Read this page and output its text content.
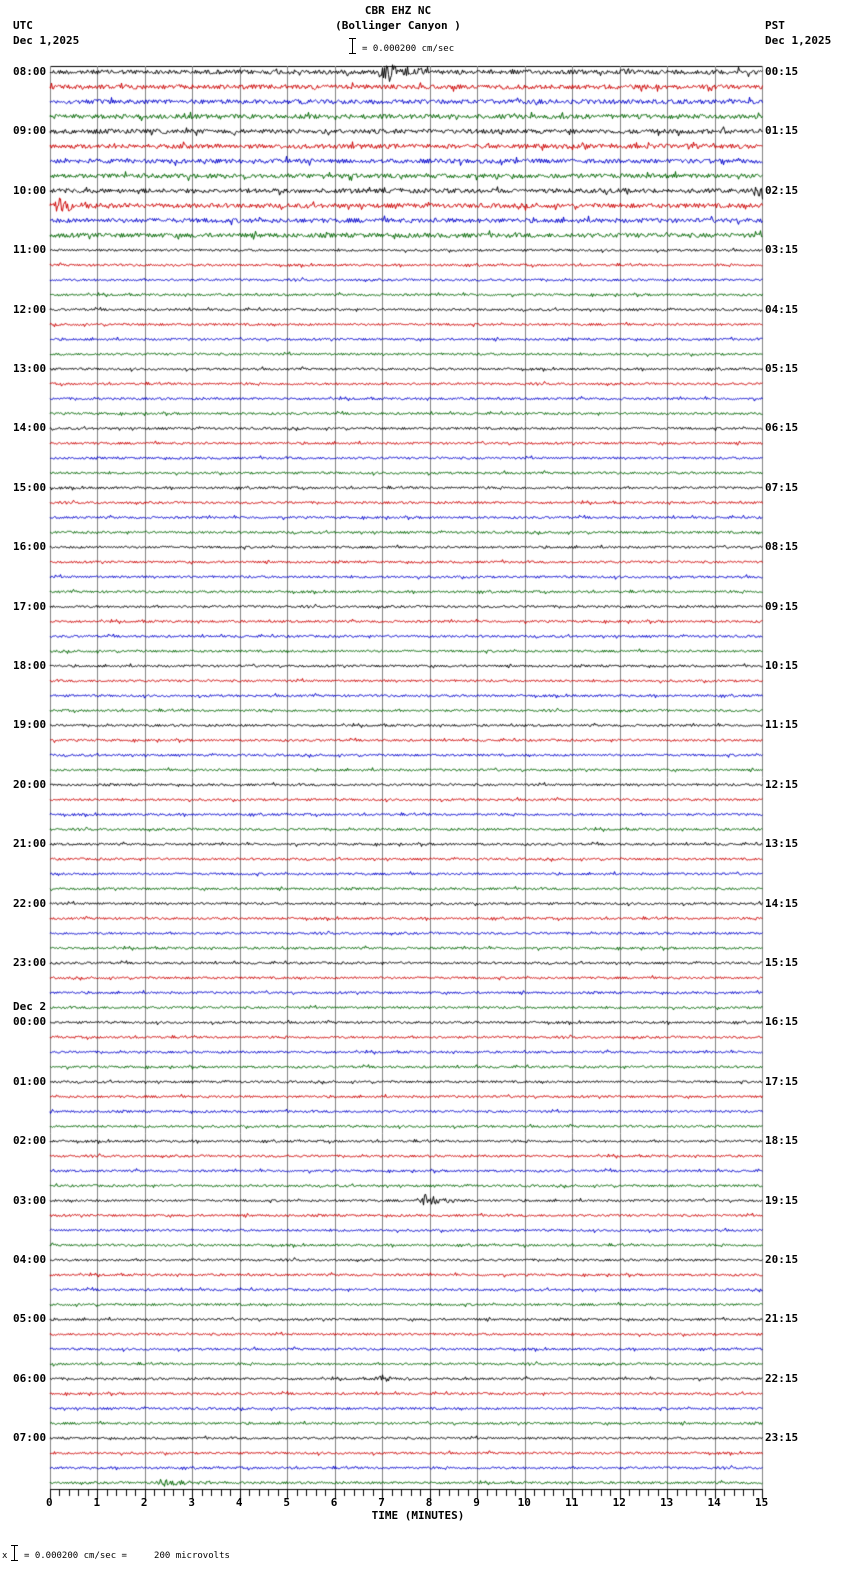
08:00
09:00
10:00
11:00
12:00
13:00
14:00
15:00
16:00
17:00
18:00
19:00
20:00
21:00
22:00
23:00
00:00
01:00
02:00
03:00
04:00
05:00
06:00
07:00
00:15
01:15
02:15
03:15
04:15
05:15
06:15
07:15
08:15
09:15
10:15
11:15
12:15
13:15
14:15
15:15
16:15
17:15
18:15
19:15
20:15
21:15
22:15
23:15
Dec 2
0	1	2	3	4	5	6	7	8	9	10	11	12	13	14	15
TIME (MINUTES)
x = 0.000200 cm/sec =     200 microvolts
